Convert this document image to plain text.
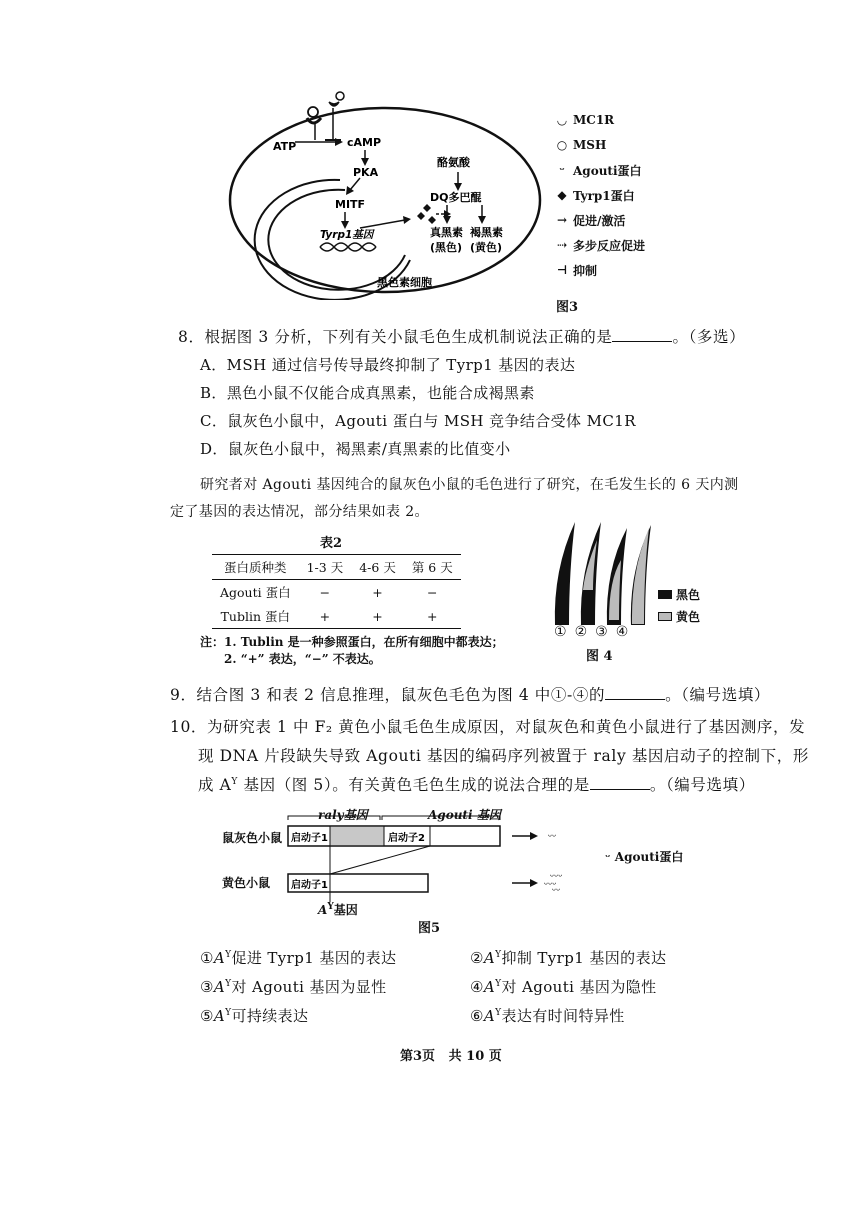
ATP	cAMP
PKA
MITF
Tyrp1基因
酪氨酸
DQ多巴醌
真黑素
(黑色)
褐黑素
(黄色)
黑色素细胞
◡ MC1R
○ MSH
ᵕ Agouti蛋白
◆ Tyrp1蛋白
→ 促进/激活
⇢ 多步反应促进
⊣ 抑制
图3
8．根据图 3 分析，下列有关小鼠毛色生成机制说法正确的是	。（多选）
A．MSH 通过信号传导最终抑制了 Tyrp1 基因的表达
B．黑色小鼠不仅能合成真黑素，也能合成褐黑素
C．鼠灰色小鼠中，Agouti 蛋白与 MSH 竞争结合受体 MC1R
D．鼠灰色小鼠中，褐黑素/真黑素的比值变小
研究者对 Agouti 基因纯合的鼠灰色小鼠的毛色进行了研究，在毛发生长的 6 天内测
定了基因的表达情况，部分结果如表 2。
表2
蛋白质种类	1-3 天	4-6 天	第 6 天
Agouti 蛋白	−	+	−
Tublin 蛋白	+	+	+
注：1. Tublin 是一种参照蛋白，在所有细胞中都表达；
2. “+” 表达，“−” 不表达。
①②③④
图 4
黑色
黄色
9．结合图 3 和表 2 信息推理，鼠灰色毛色为图 4 中①-④的	。（编号选填）
10．为研究表 1 中 F₂ 黄色小鼠毛色生成原因，对鼠灰色和黄色小鼠进行了基因测序，发
现 DNA 片段缺失导致 Agouti 基因的编码序列被置于 raly 基因启动子的控制下，形
成 $A^Y$ 基因（图 5）。有关黄色毛色生成的说法合理的是	。（编号选填）
raly基因	Agouti 基因
鼠灰色小鼠
黄色小鼠
启动子1	启动子2
启动子1
ᵕᵕ
ᵕᵕᵕ
ᵕᵕᵕ
ᵕᵕ
$A^Y$基因
ᵕ Agouti蛋白
图5
$①A^Y$促进 Tyrp1 基因的表达	$②A^Y$抑制 Tyrp1 基因的表达
$③A^Y$对 Agouti 基因为显性	$④A^Y$对 Agouti 基因为隐性
$⑤A^Y$可持续表达	$⑥A^Y$表达有时间特异性
第3页   共 10 页
